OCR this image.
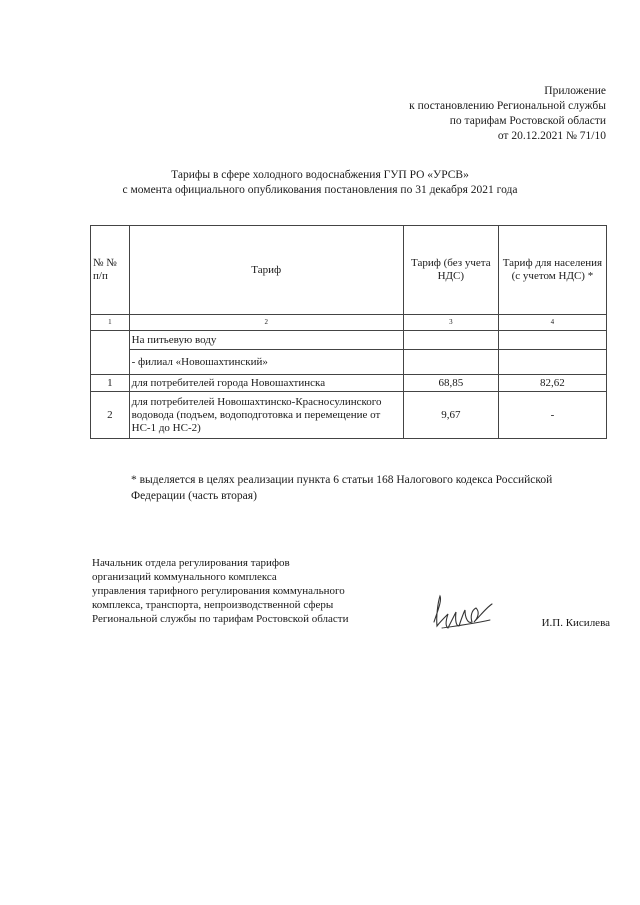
Приложение
к постановлению Региональной службы
по тарифам Ростовской области
от 20.12.2021 № 71/10
Тарифы в сфере холодного водоснабжения ГУП РО «УРСВ»
с момента официального опубликования постановления по 31 декабря 2021 года
№ № п/п	Тариф	Тариф (без учета НДС)	Тариф для населения (с учетом НДС) *
1	2	3	4
	На питьевую воду		
	- филиал «Новошахтинский»		
1	для потребителей города Новошахтинска	68,85	82,62
2	для потребителей Новошахтинско-Красносулинского водовода (подъем, водоподготовка и перемещение от НС-1 до НС-2)	9,67	-
* выделяется в целях реализации пункта 6 статьи 168 Налогового кодекса Российской Федерации (часть вторая)
Начальник отдела регулирования тарифов
организаций коммунального комплекса
управления тарифного регулирования коммунального
комплекса, транспорта, непроизводственной сферы
Региональной службы по тарифам Ростовской области	И.П. Кисилева
